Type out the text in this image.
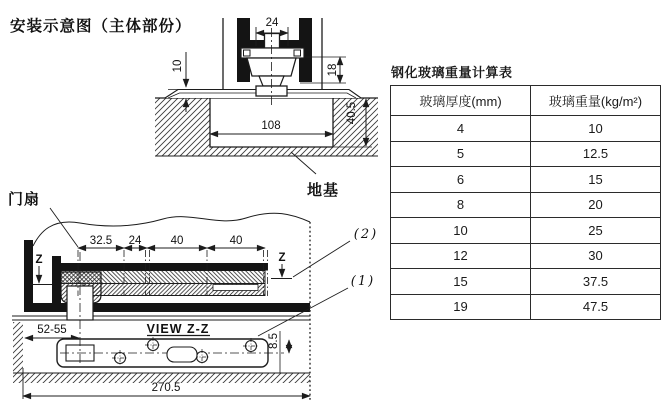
安装示意图（主体部份）	24
10	18
108
40.5
地基
门扇
32.5 24	40	40
Z	Z
(2)
(1)
52-55	VIEW Z-Z
8.5
270.5
钢化玻璃重量计算表
玻璃厚度(mm)	玻璃重量(kg/m²)
4	10
5	12.5
6	15
8	20
10	25
12	30
15	37.5
19	47.5
